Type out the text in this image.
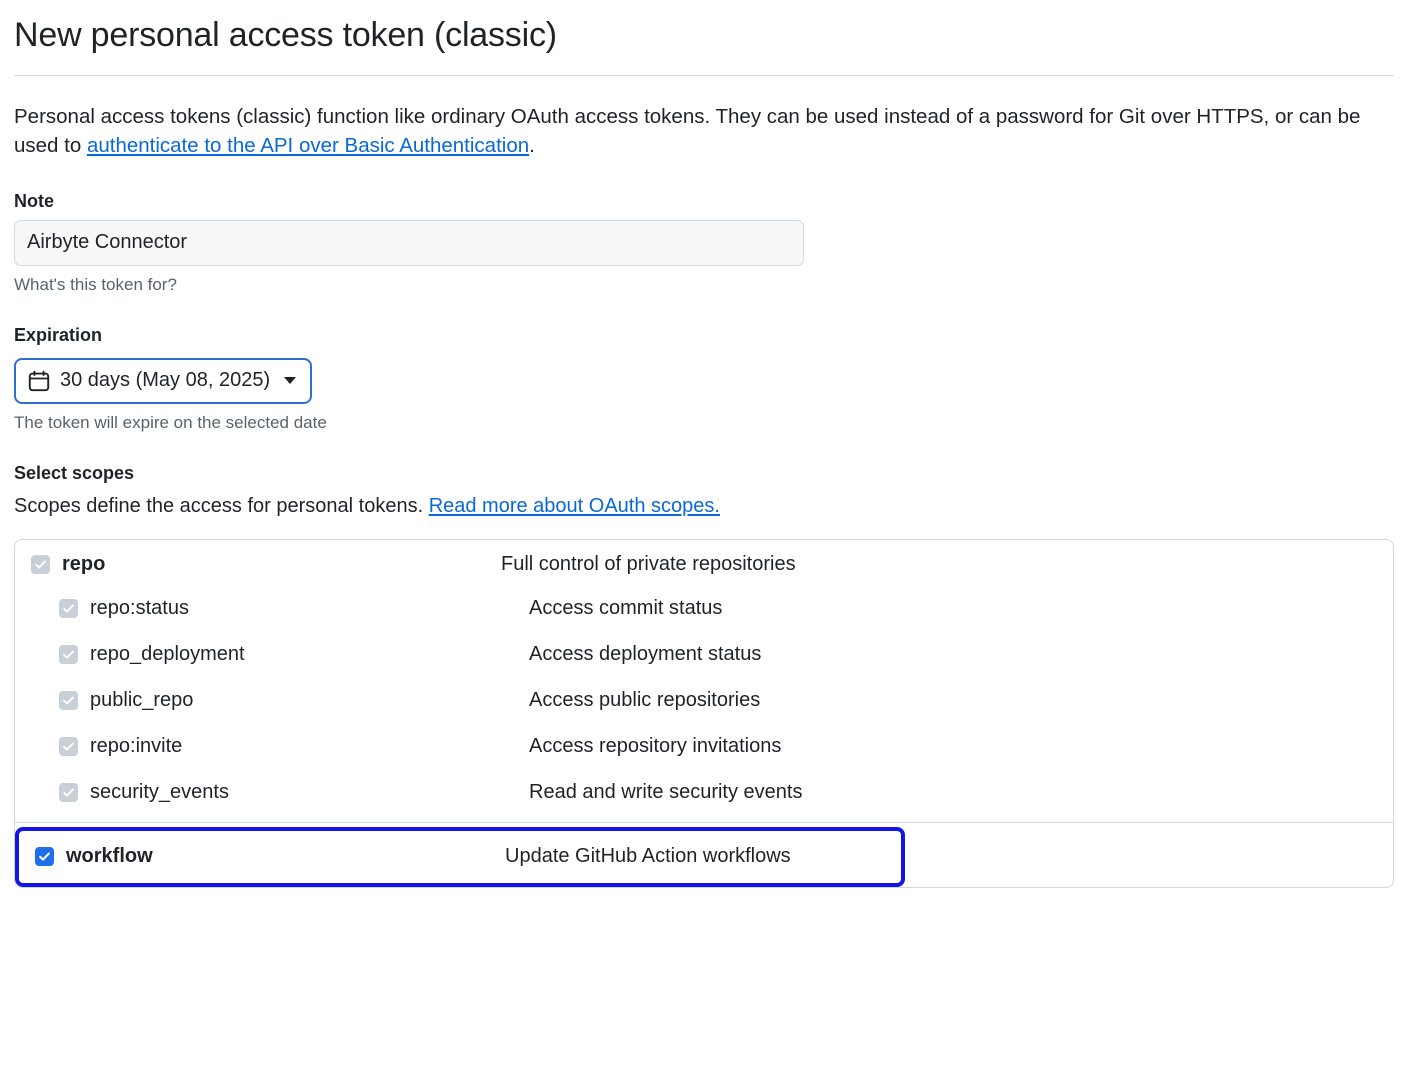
New personal access token (classic)

Personal access tokens (classic) function like ordinary OAuth access tokens. They can be used instead of a password for Git over HTTPS, or can be used to authenticate to the API over Basic Authentication.

Note
Airbyte Connector
What's this token for?
Expiration
30 days (May 08, 2025)
The token will expire on the selected date
Select scopes

Scopes define the access for personal tokens. Read more about OAuth scopes.

repo	Full control of private repositories
repo:status	Access commit status
repo_deployment	Access deployment status
public_repo	Access public repositories
repo:invite	Access repository invitations
security_events	Read and write security events
workflow	Update GitHub Action workflows
